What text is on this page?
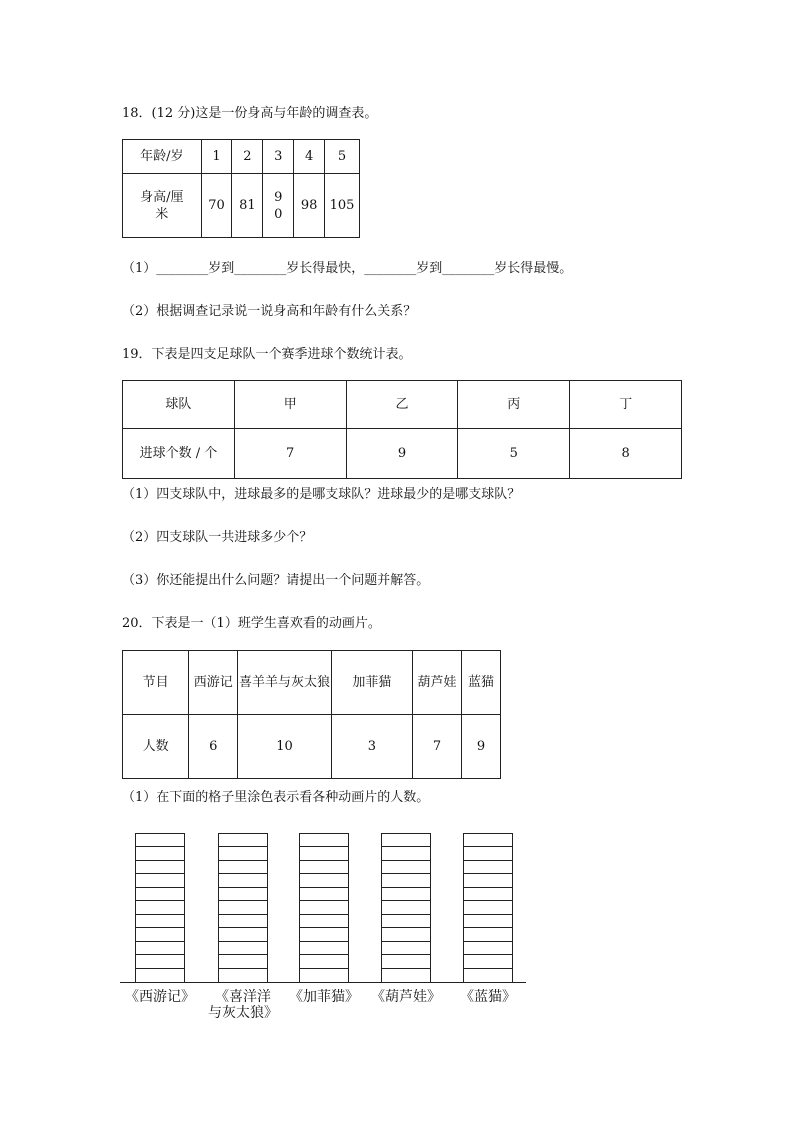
18．(12 分)这是一份身高与年龄的调查表。
年龄/岁	1	2	3	4	5
身高/厘米	70	81	90	98	105
（1）________岁到________岁长得最快，________岁到________岁长得最慢。
（2）根据调查记录说一说身高和年龄有什么关系？
19．下表是四支足球队一个赛季进球个数统计表。
球队	甲	乙	丙	丁
进球个数 / 个	7	9	5	8
（1）四支球队中，进球最多的是哪支球队？进球最少的是哪支球队？
（2）四支球队一共进球多少个？
（3）你还能提出什么问题？请提出一个问题并解答。
20．下表是一（1）班学生喜欢看的动画片。
节目	西游记	喜羊羊与灰太狼	加菲猫	葫芦娃	蓝猫
人数	6	10	3	7	9
（1）在下面的格子里涂色表示看各种动画片的人数。
《西游记》	《喜洋洋
与灰太狼》
《加菲猫》 《葫芦娃》	《蓝猫》
